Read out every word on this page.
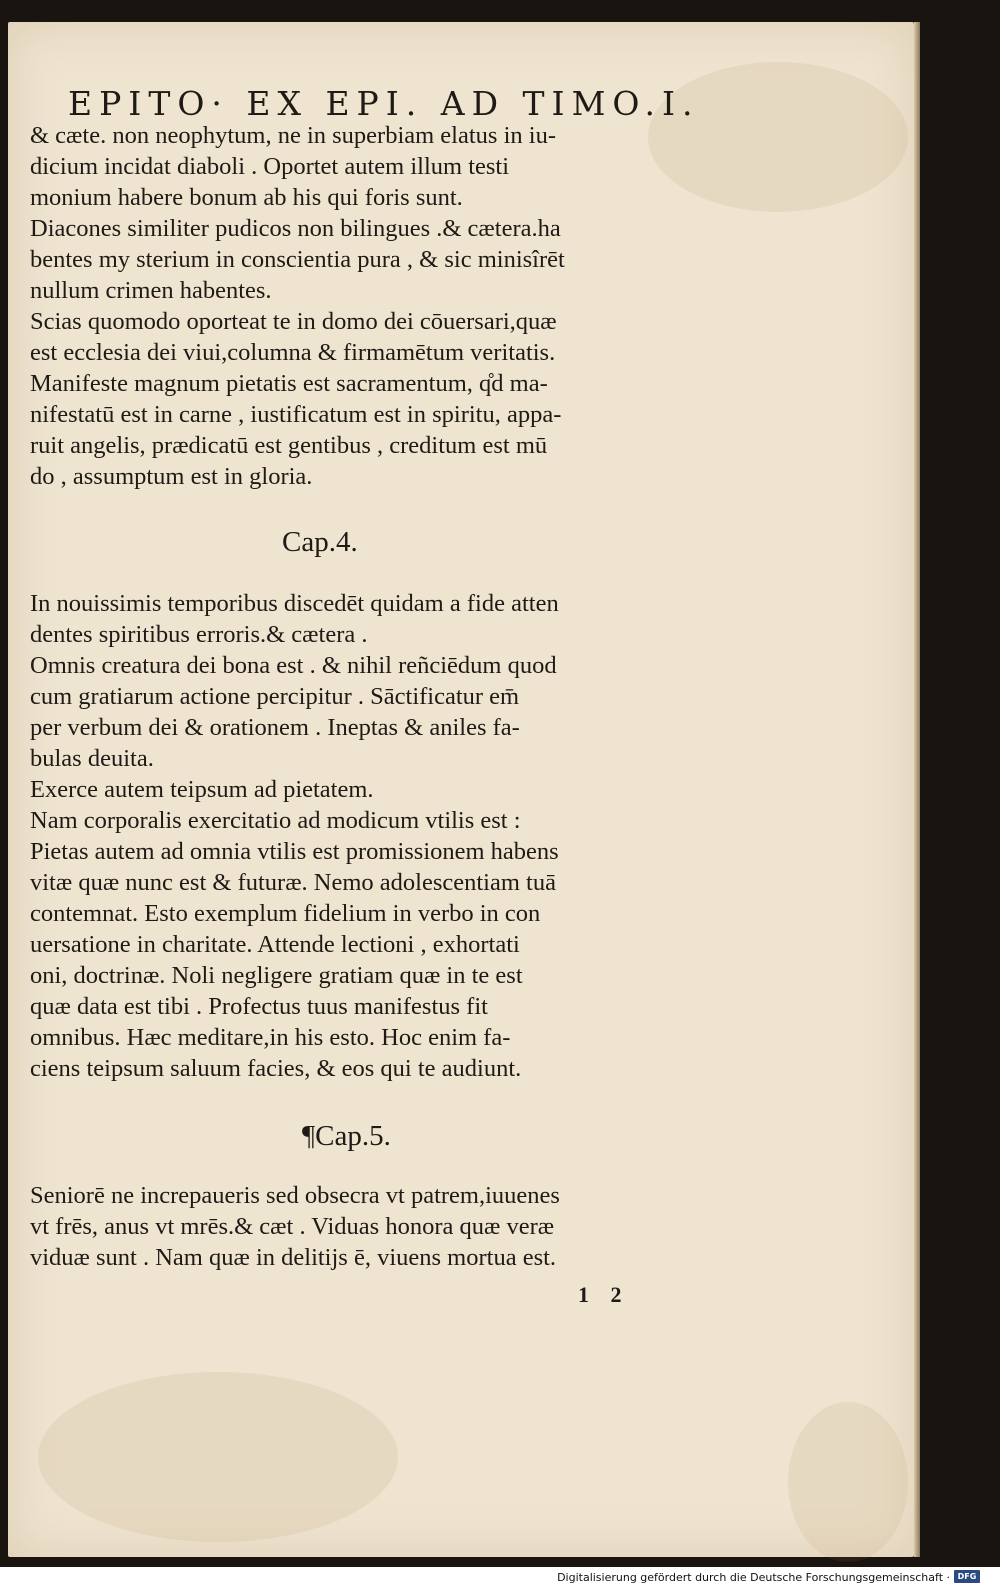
EPITO· EX EPI. AD TIMO.I.
& cæte. non neophytum, ne in superbiam elatus in iu-
dicium incidat diaboli . Oportet autem illum testi
monium habere bonum ab his qui foris sunt.
Diacones similiter pudicos non bilingues .& cætera.ha
bentes my sterium in conscientia pura , & sic minisîrēt
nullum crimen habentes.
Scias quomodo oporteat te in domo dei cōuersari,quæ
est ecclesia dei viui,columna & firmamētum veritatis.
Manifeste magnum pietatis est sacramentum, q̊d ma-
nifestatū est in carne , iustificatum est in spiritu, appa-
ruit angelis, prædicatū est gentibus , creditum est mū
do , assumptum est in gloria.
Cap.4.
In nouissimis temporibus discedēt quidam a fide atten
dentes spiritibus erroris.& cætera .
Omnis creatura dei bona est . & nihil reñciēdum quod
cum gratiarum actione percipitur . Sāctificatur em̄
per verbum dei & orationem . Ineptas & aniles fa-
bulas deuita.
Exerce autem teipsum ad pietatem.
Nam corporalis exercitatio ad modicum vtilis est :
Pietas autem ad omnia vtilis est promissionem habens
vitæ quæ nunc est & futuræ. Nemo adolescentiam tuā
contemnat. Esto exemplum fidelium in verbo in con
uersatione in charitate. Attende lectioni , exhortati
oni, doctrinæ. Noli negligere gratiam quæ in te est
quæ data est tibi . Profectus tuus manifestus fit
omnibus. Hæc meditare,in his esto. Hoc enim fa-
ciens teipsum saluum facies, & eos qui te audiunt.
¶Cap.5.
Seniorē ne increpaueris sed obsecra vt patrem,iuuenes
vt frēs, anus vt mrēs.& cæt . Viduas honora quæ veræ
viduæ sunt . Nam quæ in delitijs ē, viuens mortua est.
1 2
Digitalisierung gefördert durch die Deutsche Forschungsgemeinschaft · DFG
